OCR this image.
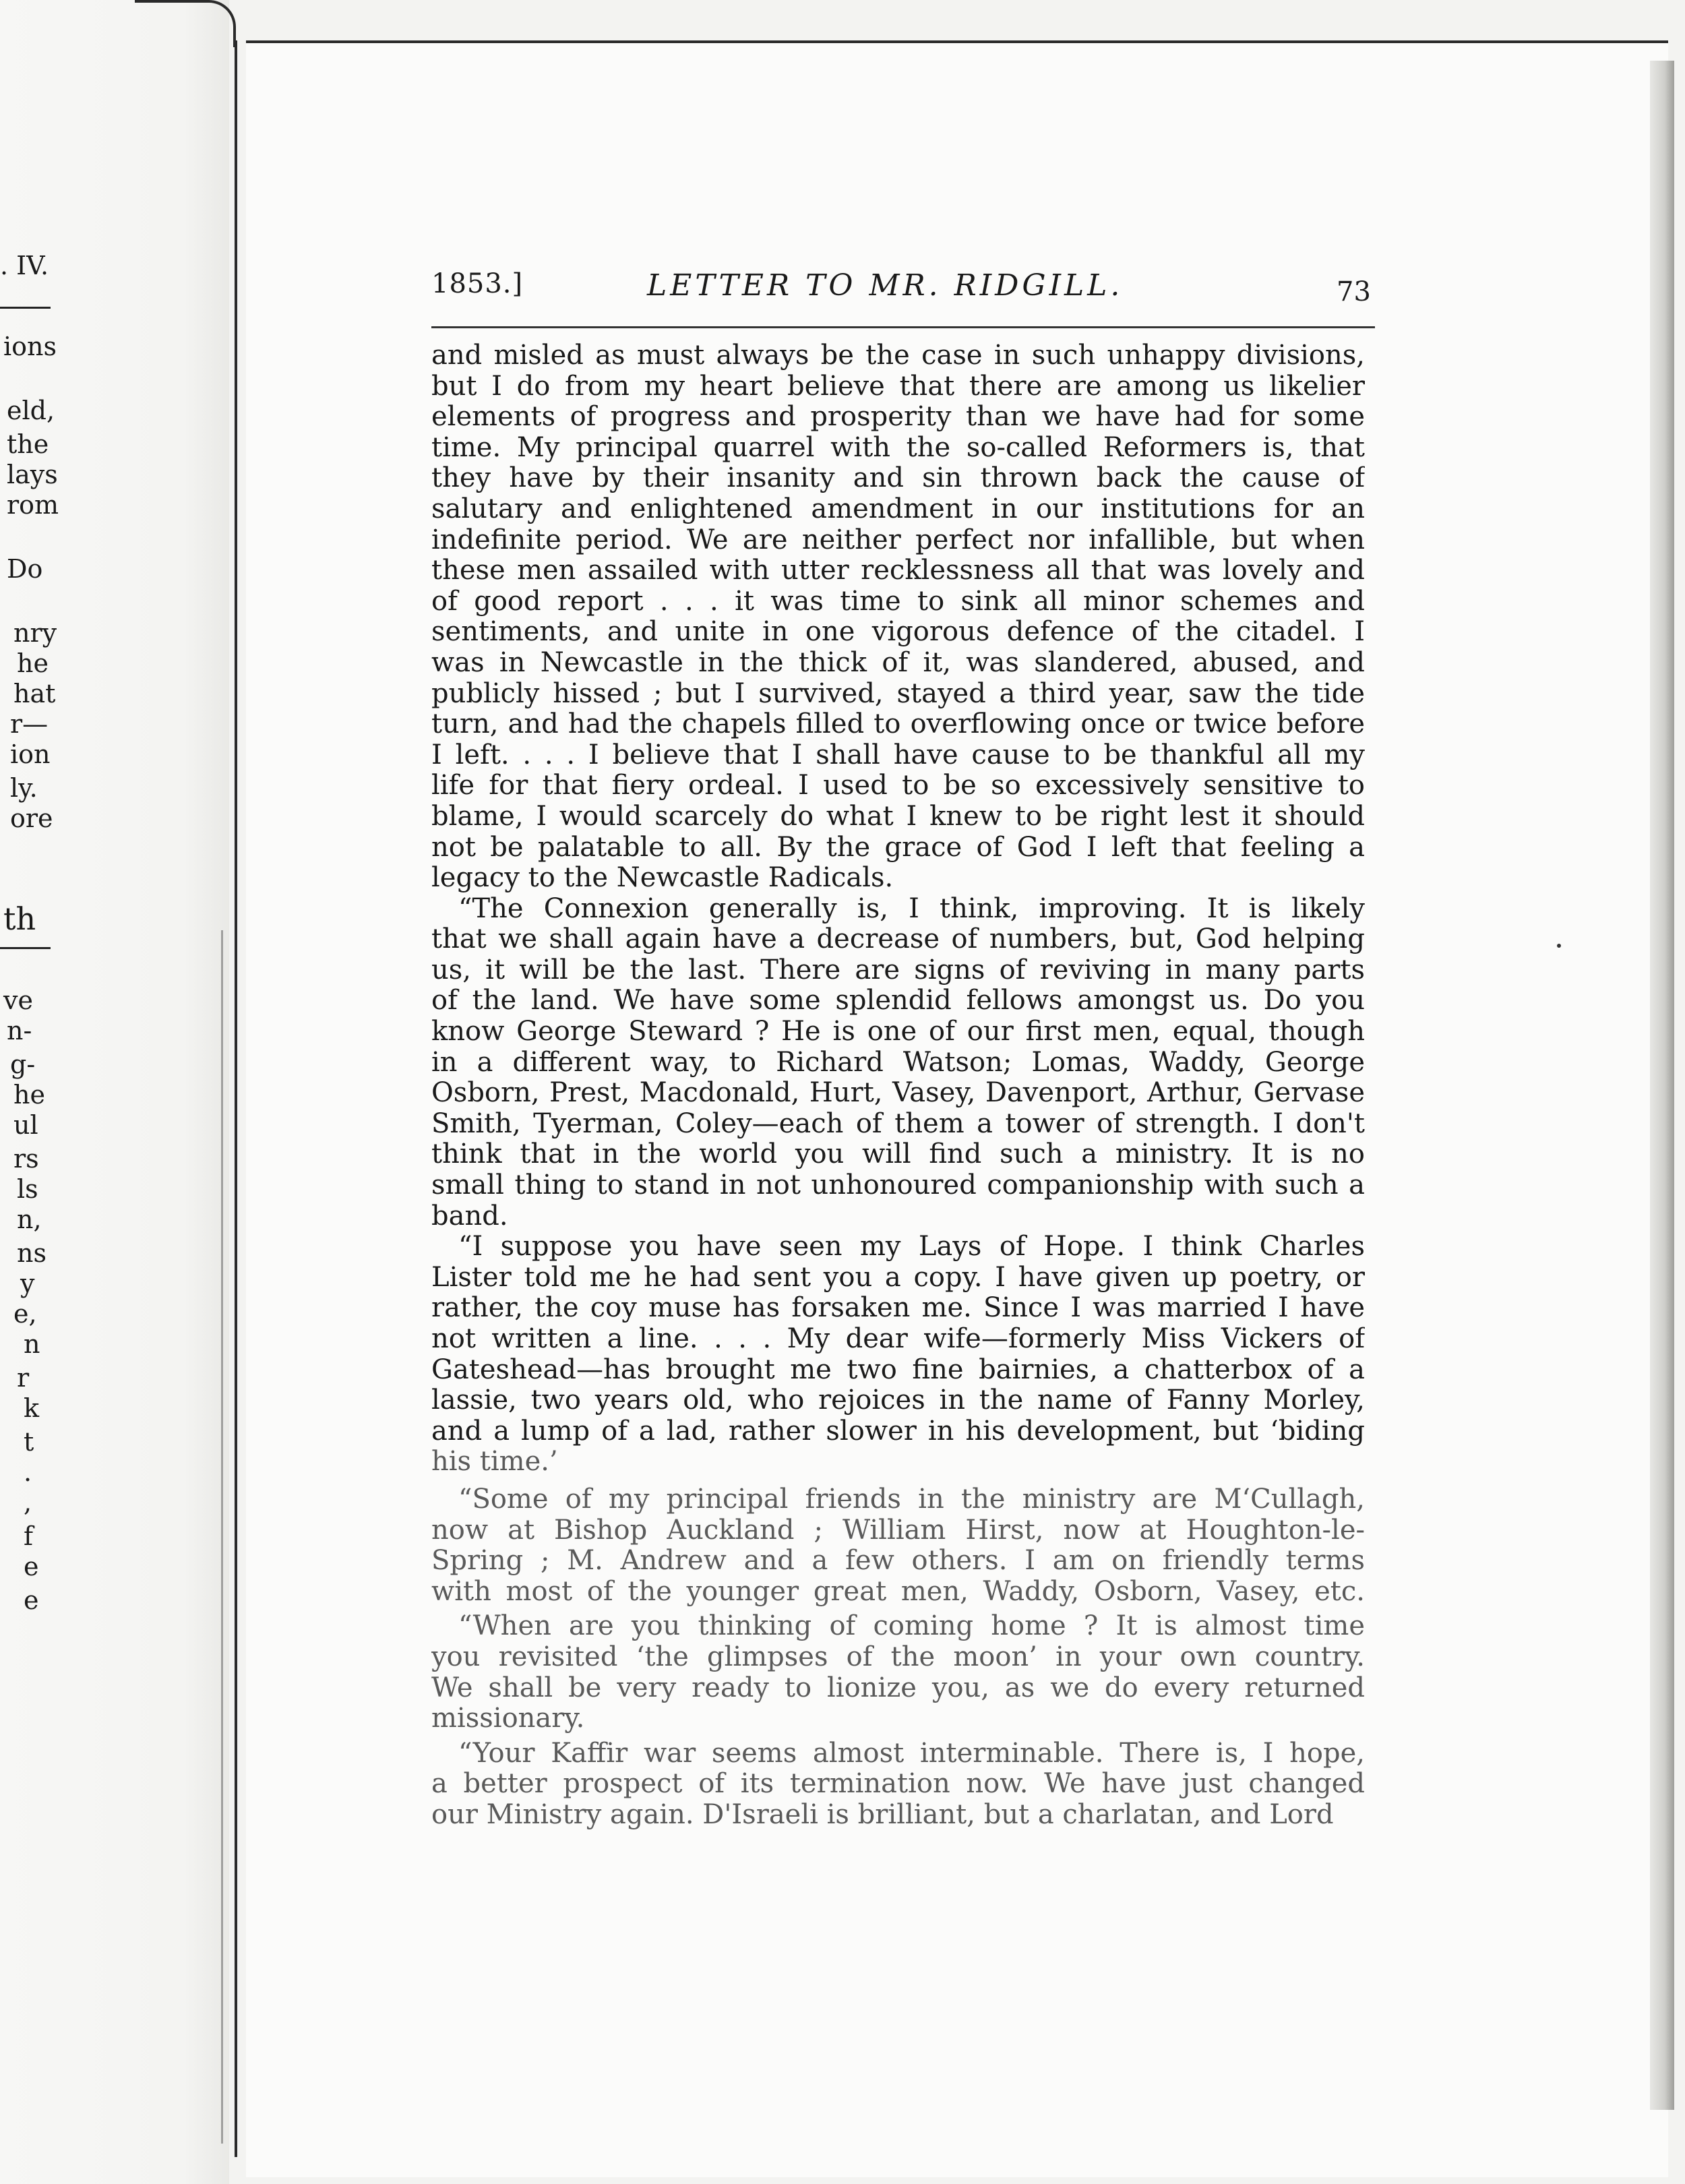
. IV.
ions
eld,
the
lays
rom
Do
nry
he
hat
r—
ion
ly.
ore
th
ve
n-
g-
he
ul
rs
ls
n,
ns
y
e,
n
r
k
t
.
,
f
e
e
1853.]	LETTER TO MR. RIDGILL.	73
and misled as must always be the case in such unhappy divisions,
but I do from my heart believe that there are among us likelier
elements of progress and prosperity than we have had for some
time. My principal quarrel with the so-called Reformers is, that
they have by their insanity and sin thrown back the cause of
salutary and enlightened amendment in our institutions for an
indefinite period. We are neither perfect nor infallible, but when
these men assailed with utter recklessness all that was lovely and
of good report . . . it was time to sink all minor schemes and
sentiments, and unite in one vigorous defence of the citadel. I
was in Newcastle in the thick of it, was slandered, abused, and
publicly hissed ; but I survived, stayed a third year, saw the tide
turn, and had the chapels filled to overflowing once or twice before
I left. . . . I believe that I shall have cause to be thankful all my
life for that fiery ordeal. I used to be so excessively sensitive to
blame, I would scarcely do what I knew to be right lest it should
not be palatable to all. By the grace of God I left that feeling a
legacy to the Newcastle Radicals.
“The Connexion generally is, I think, improving. It is likely
that we shall again have a decrease of numbers, but, God helping
us, it will be the last. There are signs of reviving in many parts
of the land. We have some splendid fellows amongst us. Do you
know George Steward ? He is one of our first men, equal, though
in a different way, to Richard Watson; Lomas, Waddy, George
Osborn, Prest, Macdonald, Hurt, Vasey, Davenport, Arthur, Gervase
Smith, Tyerman, Coley—each of them a tower of strength. I don't
think that in the world you will find such a ministry. It is no
small thing to stand in not unhonoured companionship with such a
band.
“I suppose you have seen my Lays of Hope. I think Charles
Lister told me he had sent you a copy. I have given up poetry, or
rather, the coy muse has forsaken me. Since I was married I have
not written a line. . . . My dear wife—formerly Miss Vickers of
Gateshead—has brought me two fine bairnies, a chatterbox of a
lassie, two years old, who rejoices in the name of Fanny Morley,
and a lump of a lad, rather slower in his development, but ‘biding
his time.’
“Some of my principal friends in the ministry are M‘Cullagh,
now at Bishop Auckland ; William Hirst, now at Houghton-le-
Spring ; M. Andrew and a few others. I am on friendly terms
with most of the younger great men, Waddy, Osborn, Vasey, etc.
“When are you thinking of coming home ? It is almost time
you revisited ‘the glimpses of the moon’ in your own country.
We shall be very ready to lionize you, as we do every returned
missionary.
“Your Kaffir war seems almost interminable. There is, I hope,
a better prospect of its termination now. We have just changed
our Ministry again. D'Israeli is brilliant, but a charlatan, and Lord
